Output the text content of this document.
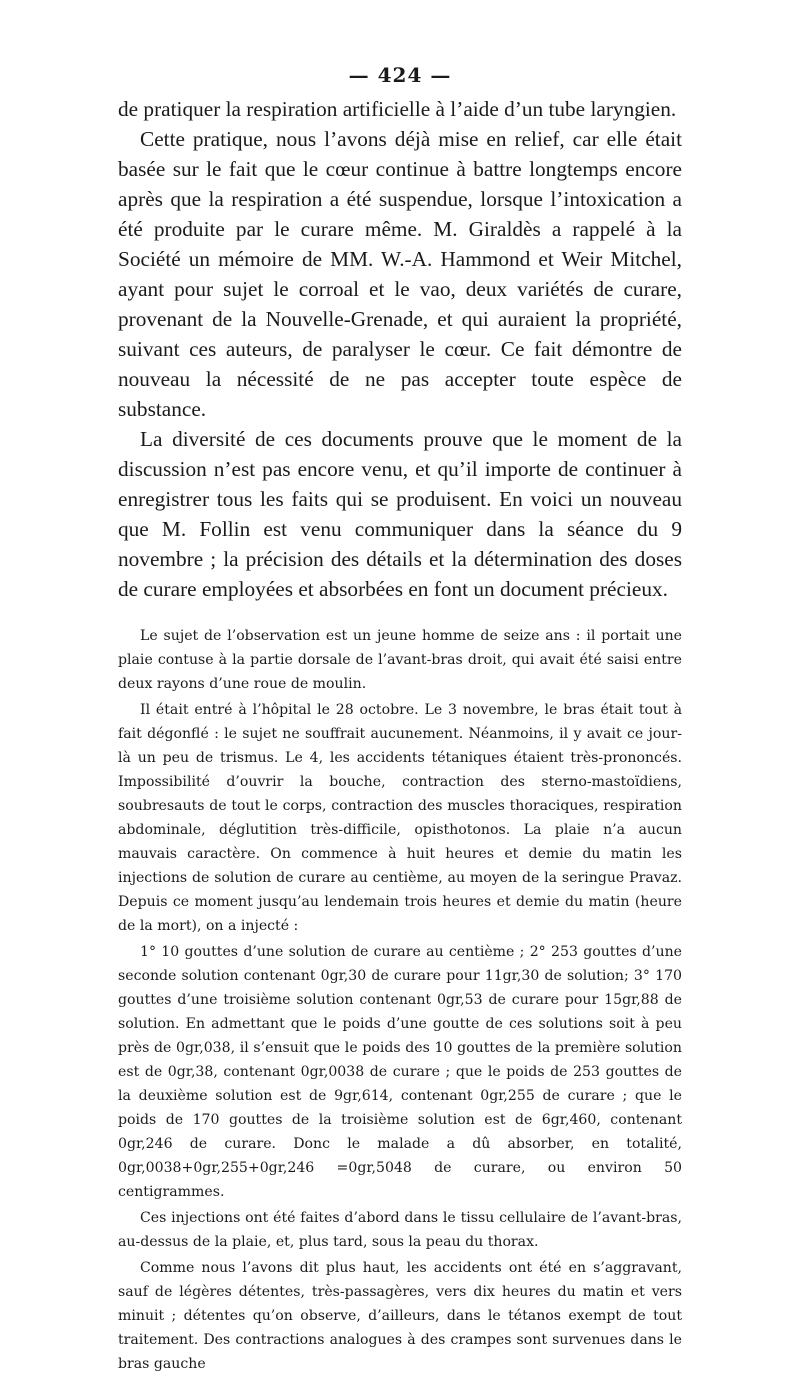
— 424 —

de pratiquer la respiration artificielle à l’aide d’un tube laryngien.

Cette pratique, nous l’avons déjà mise en relief, car elle était basée sur le fait que le cœur continue à battre longtemps encore après que la respiration a été suspendue, lorsque l’intoxication a été produite par le curare même. M. Giraldès a rappelé à la Société un mémoire de MM. W.-A. Hammond et Weir Mitchel, ayant pour sujet le corroal et le vao, deux variétés de curare, provenant de la Nouvelle-Grenade, et qui auraient la propriété, suivant ces auteurs, de paralyser le cœur. Ce fait démontre de nouveau la nécessité de ne pas accepter toute espèce de substance.

La diversité de ces documents prouve que le moment de la discussion n’est pas encore venu, et qu’il importe de continuer à enregistrer tous les faits qui se produisent. En voici un nouveau que M. Follin est venu communiquer dans la séance du 9 novembre ; la précision des détails et la détermination des doses de curare employées et absorbées en font un document précieux.

Le sujet de l’observation est un jeune homme de seize ans : il portait une plaie contuse à la partie dorsale de l’avant-bras droit, qui avait été saisi entre deux rayons d’une roue de moulin.

Il était entré à l’hôpital le 28 octobre. Le 3 novembre, le bras était tout à fait dégonflé : le sujet ne souffrait aucunement. Néanmoins, il y avait ce jour-là un peu de trismus. Le 4, les accidents tétaniques étaient très-prononcés. Impossibilité d’ouvrir la bouche, contraction des sterno-mastoïdiens, soubresauts de tout le corps, contraction des muscles thoraciques, respiration abdominale, déglutition très-difficile, opisthotonos. La plaie n’a aucun mauvais caractère. On commence à huit heures et demie du matin les injections de solution de curare au centième, au moyen de la seringue Pravaz. Depuis ce moment jusqu’au lendemain trois heures et demie du matin (heure de la mort), on a injecté :

1° 10 gouttes d’une solution de curare au centième ; 2° 253 gouttes d’une seconde solution contenant 0gr,30 de curare pour 11gr,30 de solution; 3° 170 gouttes d’une troisième solution contenant 0gr,53 de curare pour 15gr,88 de solution. En admettant que le poids d’une goutte de ces solutions soit à peu près de 0gr,038, il s’ensuit que le poids des 10 gouttes de la première solution est de 0gr,38, contenant 0gr,0038 de curare ; que le poids de 253 gouttes de la deuxième solution est de 9gr,614, contenant 0gr,255 de curare ; que le poids de 170 gouttes de la troisième solution est de 6gr,460, contenant 0gr,246 de curare. Donc le malade a dû absorber, en totalité, 0gr,0038+0gr,255+0gr,246 =0gr,5048 de curare, ou environ 50 centigrammes.

Ces injections ont été faites d’abord dans le tissu cellulaire de l’avant-bras, au-dessus de la plaie, et, plus tard, sous la peau du thorax.

Comme nous l’avons dit plus haut, les accidents ont été en s’aggravant, sauf de légères détentes, très-passagères, vers dix heures du matin et vers minuit ; détentes qu’on observe, d’ailleurs, dans le tétanos exempt de tout traitement. Des contractions analogues à des crampes sont survenues dans le bras gauche
